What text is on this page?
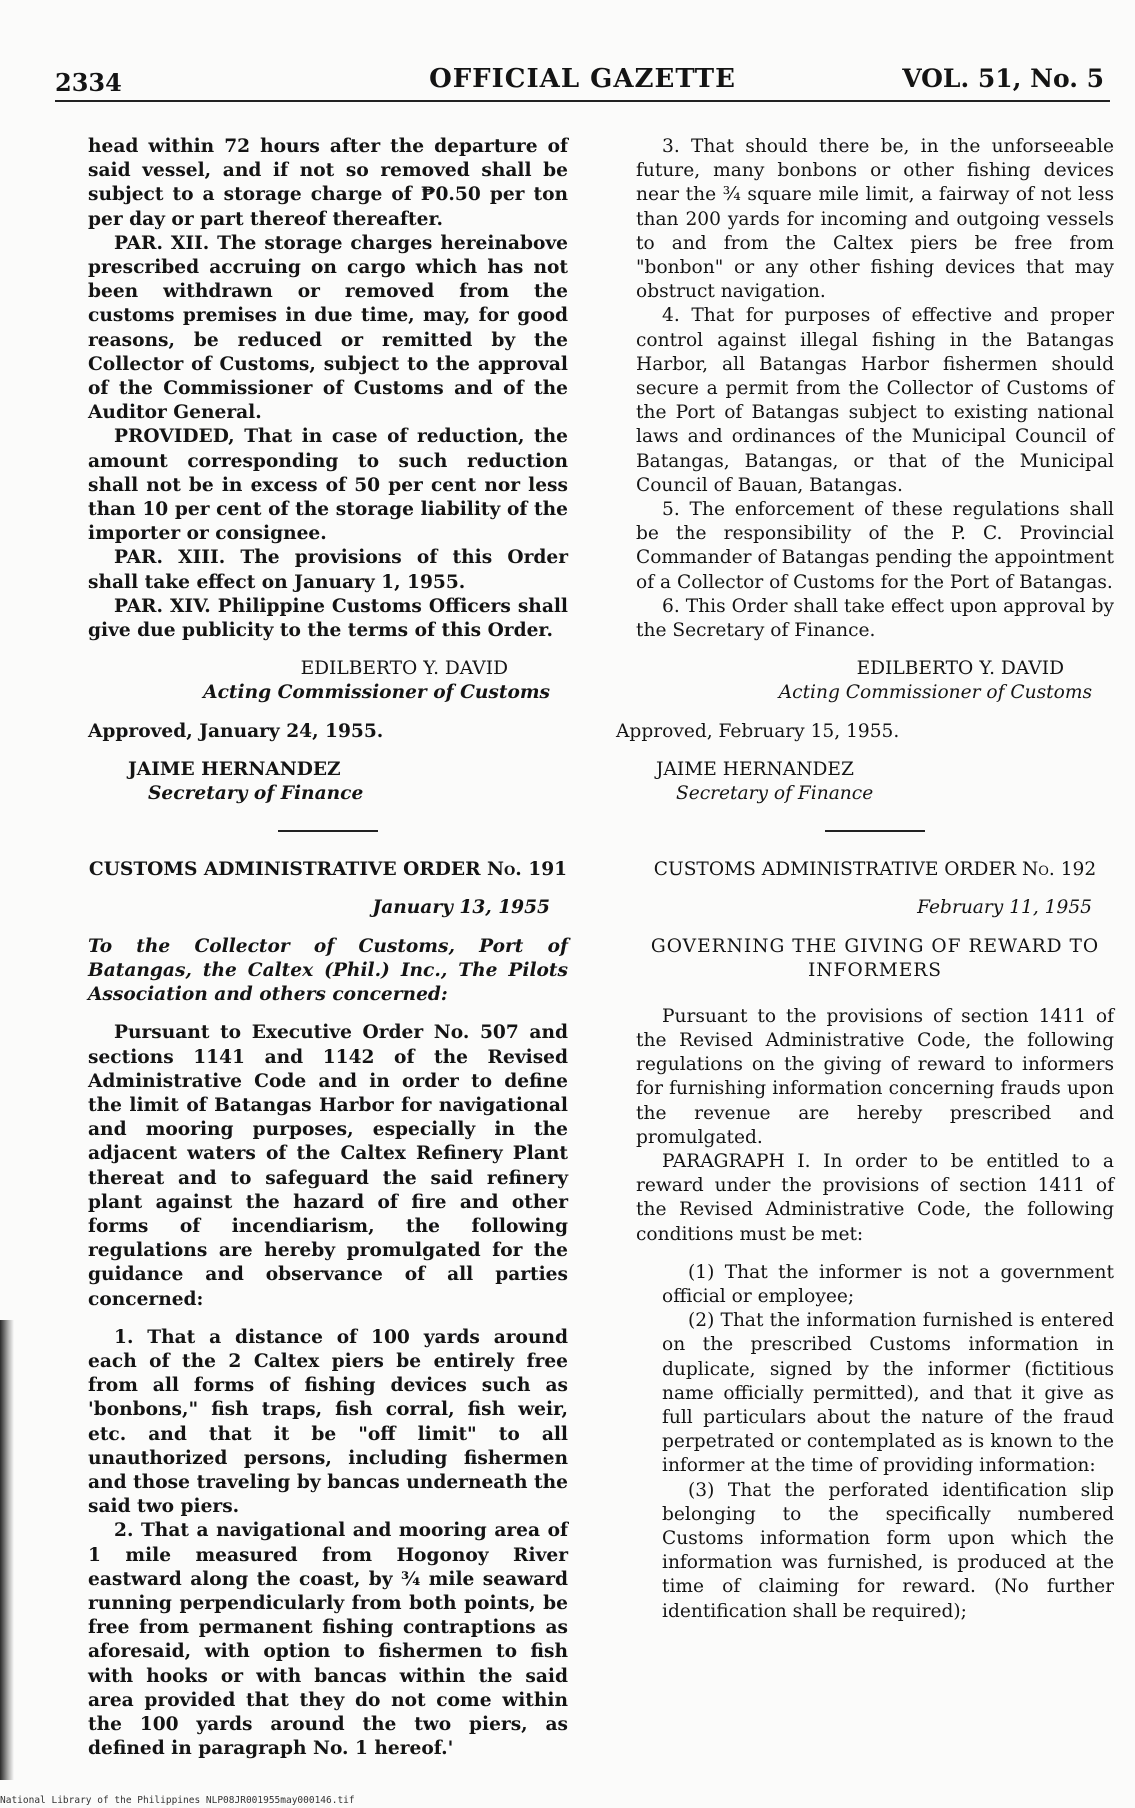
2334	OFFICIAL GAZETTE	VOL. 51, No. 5

head within 72 hours after the departure of said vessel, and if not so removed shall be subject to a storage charge of ₱0.50 per ton per day or part thereof thereafter.

PAR. XII. The storage charges hereinabove prescribed accruing on cargo which has not been withdrawn or removed from the customs premises in due time, may, for good reasons, be reduced or remitted by the Collector of Customs, subject to the approval of the Commissioner of Customs and of the Auditor General.

PROVIDED, That in case of reduction, the amount corresponding to such reduction shall not be in excess of 50 per cent nor less than 10 per cent of the storage liability of the importer or consignee.

PAR. XIII. The provisions of this Order shall take effect on January 1, 1955.

PAR. XIV. Philippine Customs Officers shall give due publicity to the terms of this Order.

EDILBERTO Y. DAVID
Acting Commissioner of Customs
Approved, January 24, 1955.
JAIME HERNANDEZ
Secretary of Finance
CUSTOMS ADMINISTRATIVE ORDER No. 191
January 13, 1955

To the Collector of Customs, Port of Batangas, the Caltex (Phil.) Inc., The Pilots Association and others concerned:

Pursuant to Executive Order No. 507 and sections 1141 and 1142 of the Revised Administrative Code and in order to define the limit of Batangas Harbor for navigational and mooring purposes, especially in the adjacent waters of the Caltex Refinery Plant thereat and to safeguard the said refinery plant against the hazard of fire and other forms of incendiarism, the following regulations are hereby promulgated for the guidance and observance of all parties concerned:

1. That a distance of 100 yards around each of the 2 Caltex piers be entirely free from all forms of fishing devices such as 'bonbons," fish traps, fish corral, fish weir, etc. and that it be "off limit" to all unauthorized persons, including fishermen and those traveling by bancas underneath the said two piers.

2. That a navigational and mooring area of 1 mile measured from Hogonoy River eastward along the coast, by ¾ mile seaward running perpendicularly from both points, be free from permanent fishing contraptions as aforesaid, with option to fishermen to fish with hooks or with bancas within the said area provided that they do not come within the 100 yards around the two piers, as defined in paragraph No. 1 hereof.'

3. That should there be, in the unforseeable future, many bonbons or other fishing devices near the ¾ square mile limit, a fairway of not less than 200 yards for incoming and outgoing vessels to and from the Caltex piers be free from "bonbon" or any other fishing devices that may obstruct navigation.

4. That for purposes of effective and proper control against illegal fishing in the Batangas Harbor, all Batangas Harbor fishermen should secure a permit from the Collector of Customs of the Port of Batangas subject to existing national laws and ordinances of the Municipal Council of Batangas, Batangas, or that of the Municipal Council of Bauan, Batangas.

5. The enforcement of these regulations shall be the responsibility of the P. C. Provincial Commander of Batangas pending the appointment of a Collector of Customs for the Port of Batangas.

6. This Order shall take effect upon approval by the Secretary of Finance.

EDILBERTO Y. DAVID
Acting Commissioner of Customs
Approved, February 15, 1955.
JAIME HERNANDEZ
Secretary of Finance
CUSTOMS ADMINISTRATIVE ORDER No. 192
February 11, 1955
GOVERNING THE GIVING OF REWARD TO INFORMERS

Pursuant to the provisions of section 1411 of the Revised Administrative Code, the following regulations on the giving of reward to informers for furnishing information concerning frauds upon the revenue are hereby prescribed and promulgated.

PARAGRAPH I. In order to be entitled to a reward under the provisions of section 1411 of the Revised Administrative Code, the following conditions must be met:

(1) That the informer is not a government official or employee;

(2) That the information furnished is entered on the prescribed Customs information in duplicate, signed by the informer (fictitious name officially permitted), and that it give as full particulars about the nature of the fraud perpetrated or contemplated as is known to the informer at the time of providing information:

(3) That the perforated identification slip belonging to the specifically numbered Customs information form upon which the information was furnished, is produced at the time of claiming for reward. (No further identification shall be required);

National Library of the Philippines NLP08JR001955may000146.tif
